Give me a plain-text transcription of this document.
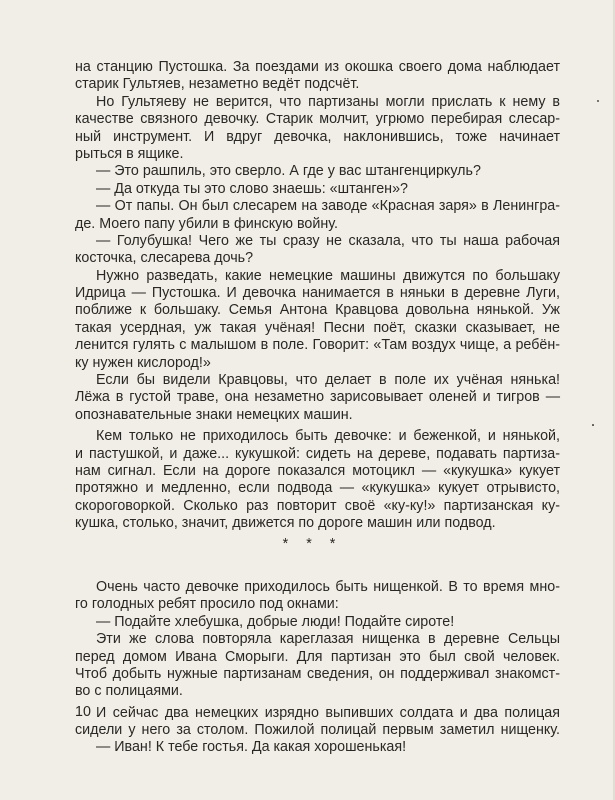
на станцию Пустошка. За поездами из окошка своего дома наблюдает
старик Гультяев, незаметно ведёт подсчёт.
Но Гультяеву не верится, что партизаны могли прислать к нему в
качестве связного девочку. Старик молчит, угрюмо перебирая слесар-
ный инструмент. И вдруг девочка, наклонившись, тоже начинает
рыться в ящике.
— Это рашпиль, это сверло. А где у вас штангенциркуль?
— Да откуда ты это слово знаешь: «штанген»?
— От папы. Он был слесарем на заводе «Красная заря» в Ленингра-
де. Моего папу убили в финскую войну.
— Голубушка! Чего же ты сразу не сказала, что ты наша рабочая
косточка, слесарева дочь?
Нужно разведать, какие немецкие машины движутся по большаку
Идрица — Пустошка. И девочка нанимается в няньки в деревне Луги,
поближе к большаку. Семья Антона Кравцова довольна нянькой. Уж
такая усердная, уж такая учёная! Песни поёт, сказки сказывает, не
ленится гулять с малышом в поле. Говорит: «Там воздух чище, а ребён-
ку нужен кислород!»
Если бы видели Кравцовы, что делает в поле их учёная нянька!
Лёжа в густой траве, она незаметно зарисовывает оленей и тигров —
опознавательные знаки немецких машин.
Кем только не приходилось быть девочке: и беженкой, и нянькой,
и пастушкой, и даже... кукушкой: сидеть на дереве, подавать партиза-
нам сигнал. Если на дороге показался мотоцикл — «кукушка» кукует
протяжно и медленно, если подвода — «кукушка» кукует отрывисто,
скороговоркой. Сколько раз повторит своё «ку-ку!» партизанская ку-
кушка, столько, значит, движется по дороге машин или подвод.
* * *
Очень часто девочке приходилось быть нищенкой. В то время мно-
го голодных ребят просило под окнами:
— Подайте хлебушка, добрые люди! Подайте сироте!
Эти же слова повторяла кареглазая нищенка в деревне Сельцы
перед домом Ивана Сморыги. Для партизан это был свой человек.
Чтоб добыть нужные партизанам сведения, он поддерживал знакомст-
во с полицаями.
И сейчас два немецких изрядно выпивших солдата и два полицая
сидели у него за столом. Пожилой полицай первым заметил нищенку.
— Иван! К тебе гостья. Да какая хорошенькая!
10
